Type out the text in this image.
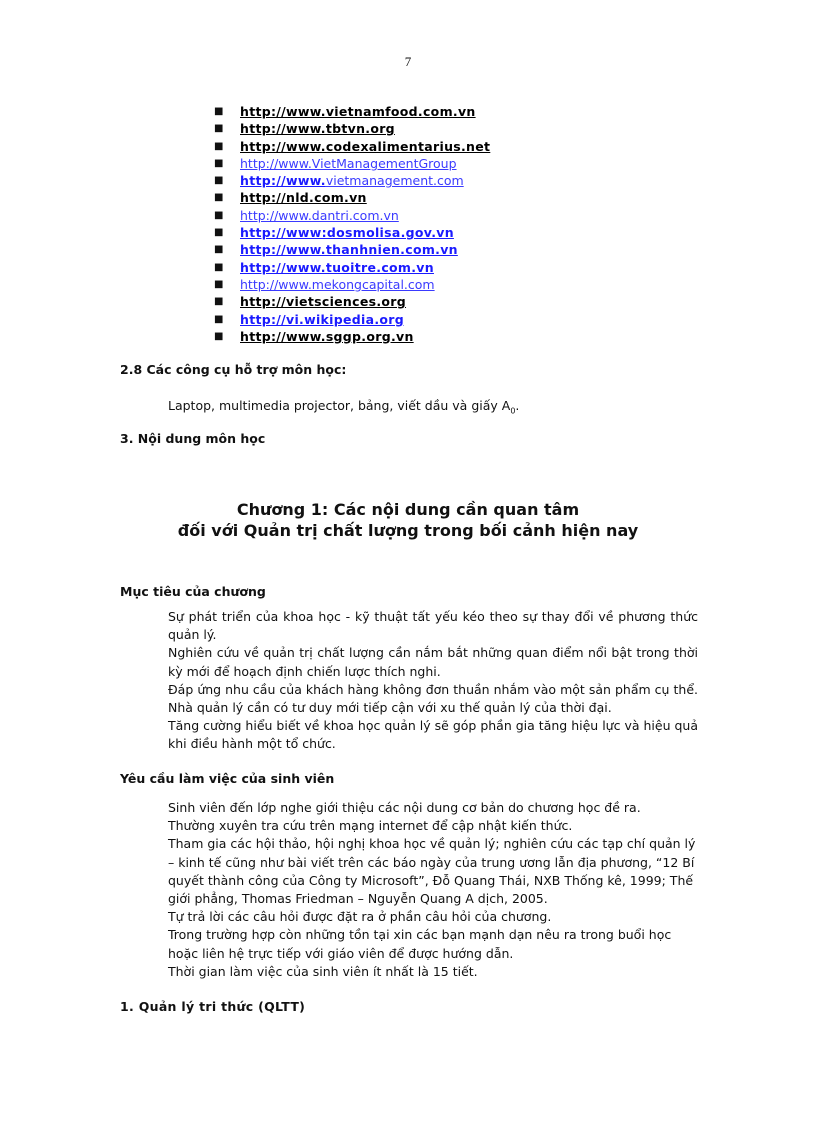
7
■ http://www.vietnamfood.com.vn
■ http://www.tbtvn.org
■ http://www.codexalimentarius.net
■ http://www.VietManagementGroup
■ http://www.vietmanagement.com
■ http://nld.com.vn
■ http://www.dantri.com.vn
■ http://www:dosmolisa.gov.vn
■ http://www.thanhnien.com.vn
■ http://www.tuoitre.com.vn
■ http://www.mekongcapital.com
■ http://vietsciences.org
■ http://vi.wikipedia.org
■ http://www.sggp.org.vn
2.8 Các công cụ hỗ trợ môn học:
Laptop, multimedia projector, bảng, viết dầu và giấy $A_0$.
3. Nội dung môn học
Chương 1: Các nội dung cần quan tâm
đối với Quản trị chất lượng trong bối cảnh hiện nay
Mục tiêu của chương

Sự phát triển của khoa học - kỹ thuật tất yếu kéo theo sự thay đổi về phương thức quản lý.

Nghiên cứu về quản trị chất lượng cần nắm bắt những quan điểm nổi bật trong thời kỳ mới để hoạch định chiến lược thích nghi.

Đáp ứng nhu cầu của khách hàng không đơn thuần nhắm vào một sản phẩm cụ thể. Nhà quản lý cần có tư duy mới tiếp cận với xu thế quản lý của thời đại.

Tăng cường hiểu biết về khoa học quản lý sẽ góp phần gia tăng hiệu lực và hiệu quả khi điều hành một tổ chức.

Yêu cầu làm việc của sinh viên

Sinh viên đến lớp nghe giới thiệu các nội dung cơ bản do chương học đề ra.

Thường xuyên tra cứu trên mạng internet để cập nhật kiến thức.

Tham gia các hội thảo, hội nghị khoa học về quản lý; nghiên cứu các tạp chí quản lý – kinh tế cũng như bài viết trên các báo ngày của trung ương lẫn địa phương, “12 Bí quyết thành công của Công ty Microsoft”, Đỗ Quang Thái, NXB Thống kê, 1999; Thế giới phẳng, Thomas Friedman – Nguyễn Quang A dịch, 2005.

Tự trả lời các câu hỏi được đặt ra ở phần câu hỏi của chương.

Trong trường hợp còn những tồn tại xin các bạn mạnh dạn nêu ra trong buổi học hoặc liên hệ trực tiếp với giáo viên để được hướng dẫn.

Thời gian làm việc của sinh viên ít nhất là 15 tiết.

1. Quản lý tri thức (QLTT)
